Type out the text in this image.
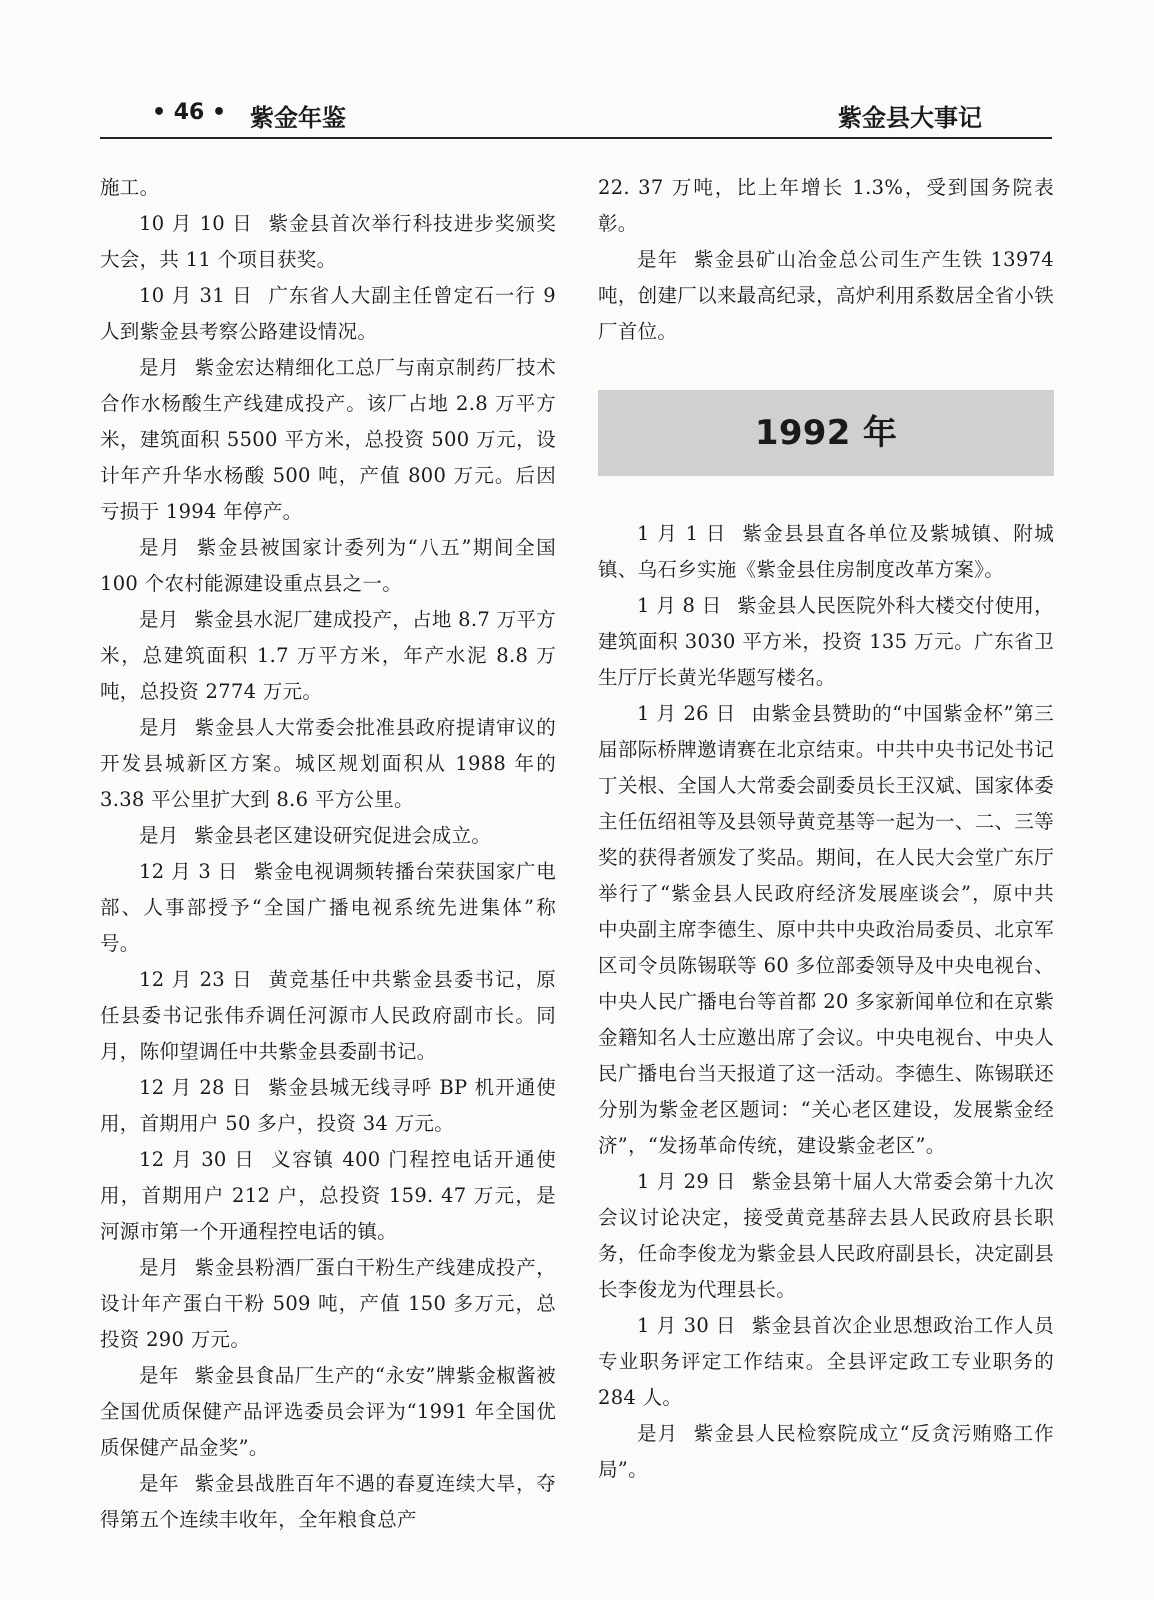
• 46 • 紫金年鉴	紫金县大事记

施工。

10 月 10 日 紫金县首次举行科技进步奖颁奖大会，共 11 个项目获奖。

10 月 31 日 广东省人大副主任曾定石一行 9 人到紫金县考察公路建设情况。

是月 紫金宏达精细化工总厂与南京制药厂技术合作水杨酸生产线建成投产。该厂占地 2.8 万平方米，建筑面积 5500 平方米，总投资 500 万元，设计年产升华水杨酸 500 吨，产值 800 万元。后因亏损于 1994 年停产。

是月 紫金县被国家计委列为“八五”期间全国 100 个农村能源建设重点县之一。

是月 紫金县水泥厂建成投产，占地 8.7 万平方米，总建筑面积 1.7 万平方米，年产水泥 8.8 万吨，总投资 2774 万元。

是月 紫金县人大常委会批准县政府提请审议的开发县城新区方案。城区规划面积从 1988 年的 3.38 平公里扩大到 8.6 平方公里。

是月 紫金县老区建设研究促进会成立。

12 月 3 日 紫金电视调频转播台荣获国家广电部、人事部授予“全国广播电视系统先进集体”称号。

12 月 23 日 黄竞基任中共紫金县委书记，原任县委书记张伟乔调任河源市人民政府副市长。同月，陈仰望调任中共紫金县委副书记。

12 月 28 日 紫金县城无线寻呼 BP 机开通使用，首期用户 50 多户，投资 34 万元。

12 月 30 日 义容镇 400 门程控电话开通使用，首期用户 212 户，总投资 159. 47 万元，是河源市第一个开通程控电话的镇。

是月 紫金县粉酒厂蛋白干粉生产线建成投产，设计年产蛋白干粉 509 吨，产值 150 多万元，总投资 290 万元。

是年 紫金县食品厂生产的“永安”牌紫金椒酱被全国优质保健产品评选委员会评为“1991 年全国优质保健产品金奖”。

是年 紫金县战胜百年不遇的春夏连续大旱，夺得第五个连续丰收年，全年粮食总产

22. 37 万吨，比上年增长 1.3%，受到国务院表彰。

是年 紫金县矿山冶金总公司生产生铁 13974 吨，创建厂以来最高纪录，高炉利用系数居全省小铁厂首位。

1992 年

1 月 1 日 紫金县县直各单位及紫城镇、附城镇、乌石乡实施《紫金县住房制度改革方案》。

1 月 8 日 紫金县人民医院外科大楼交付使用，建筑面积 3030 平方米，投资 135 万元。广东省卫生厅厅长黄光华题写楼名。

1 月 26 日 由紫金县赞助的“中国紫金杯”第三届部际桥牌邀请赛在北京结束。中共中央书记处书记丁关根、全国人大常委会副委员长王汉斌、国家体委主任伍绍祖等及县领导黄竞基等一起为一、二、三等奖的获得者颁发了奖品。期间，在人民大会堂广东厅举行了“紫金县人民政府经济发展座谈会”，原中共中央副主席李德生、原中共中央政治局委员、北京军区司令员陈锡联等 60 多位部委领导及中央电视台、中央人民广播电台等首都 20 多家新闻单位和在京紫金籍知名人士应邀出席了会议。中央电视台、中央人民广播电台当天报道了这一活动。李德生、陈锡联还分别为紫金老区题词：“关心老区建设，发展紫金经济”，“发扬革命传统，建设紫金老区”。

1 月 29 日 紫金县第十届人大常委会第十九次会议讨论决定，接受黄竞基辞去县人民政府县长职务，任命李俊龙为紫金县人民政府副县长，决定副县长李俊龙为代理县长。

1 月 30 日 紫金县首次企业思想政治工作人员专业职务评定工作结束。全县评定政工专业职务的 284 人。

是月 紫金县人民检察院成立“反贪污贿赂工作局”。
